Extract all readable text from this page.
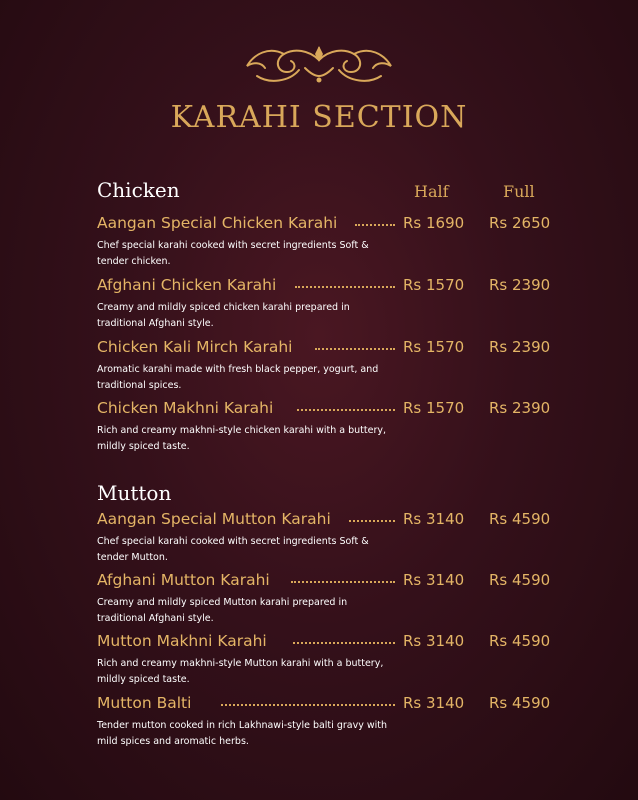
KARAHI SECTION
Chicken	Half	Full
Aangan Special Chicken Karahi	Rs 1690 Rs 2650
Chef special karahi cooked with secret ingredients Soft & tender chicken.
Afghani Chicken Karahi	Rs 1570 Rs 2390
Creamy and mildly spiced chicken karahi prepared in traditional Afghani style.
Chicken Kali Mirch Karahi	Rs 1570 Rs 2390
Aromatic karahi made with fresh black pepper, yogurt, and traditional spices.
Chicken Makhni Karahi	Rs 1570 Rs 2390
Rich and creamy makhni-style chicken karahi with a buttery, mildly spiced taste.
Mutton
Aangan Special Mutton Karahi	Rs 3140 Rs 4590
Chef special karahi cooked with secret ingredients Soft & tender Mutton.
Afghani Mutton Karahi	Rs 3140 Rs 4590
Creamy and mildly spiced Mutton karahi prepared in traditional Afghani style.
Mutton Makhni Karahi	Rs 3140 Rs 4590
Rich and creamy makhni-style Mutton karahi with a buttery, mildly spiced taste.
Mutton Balti	Rs 3140 Rs 4590
Tender mutton cooked in rich Lakhnawi-style balti gravy with mild spices and aromatic herbs.
